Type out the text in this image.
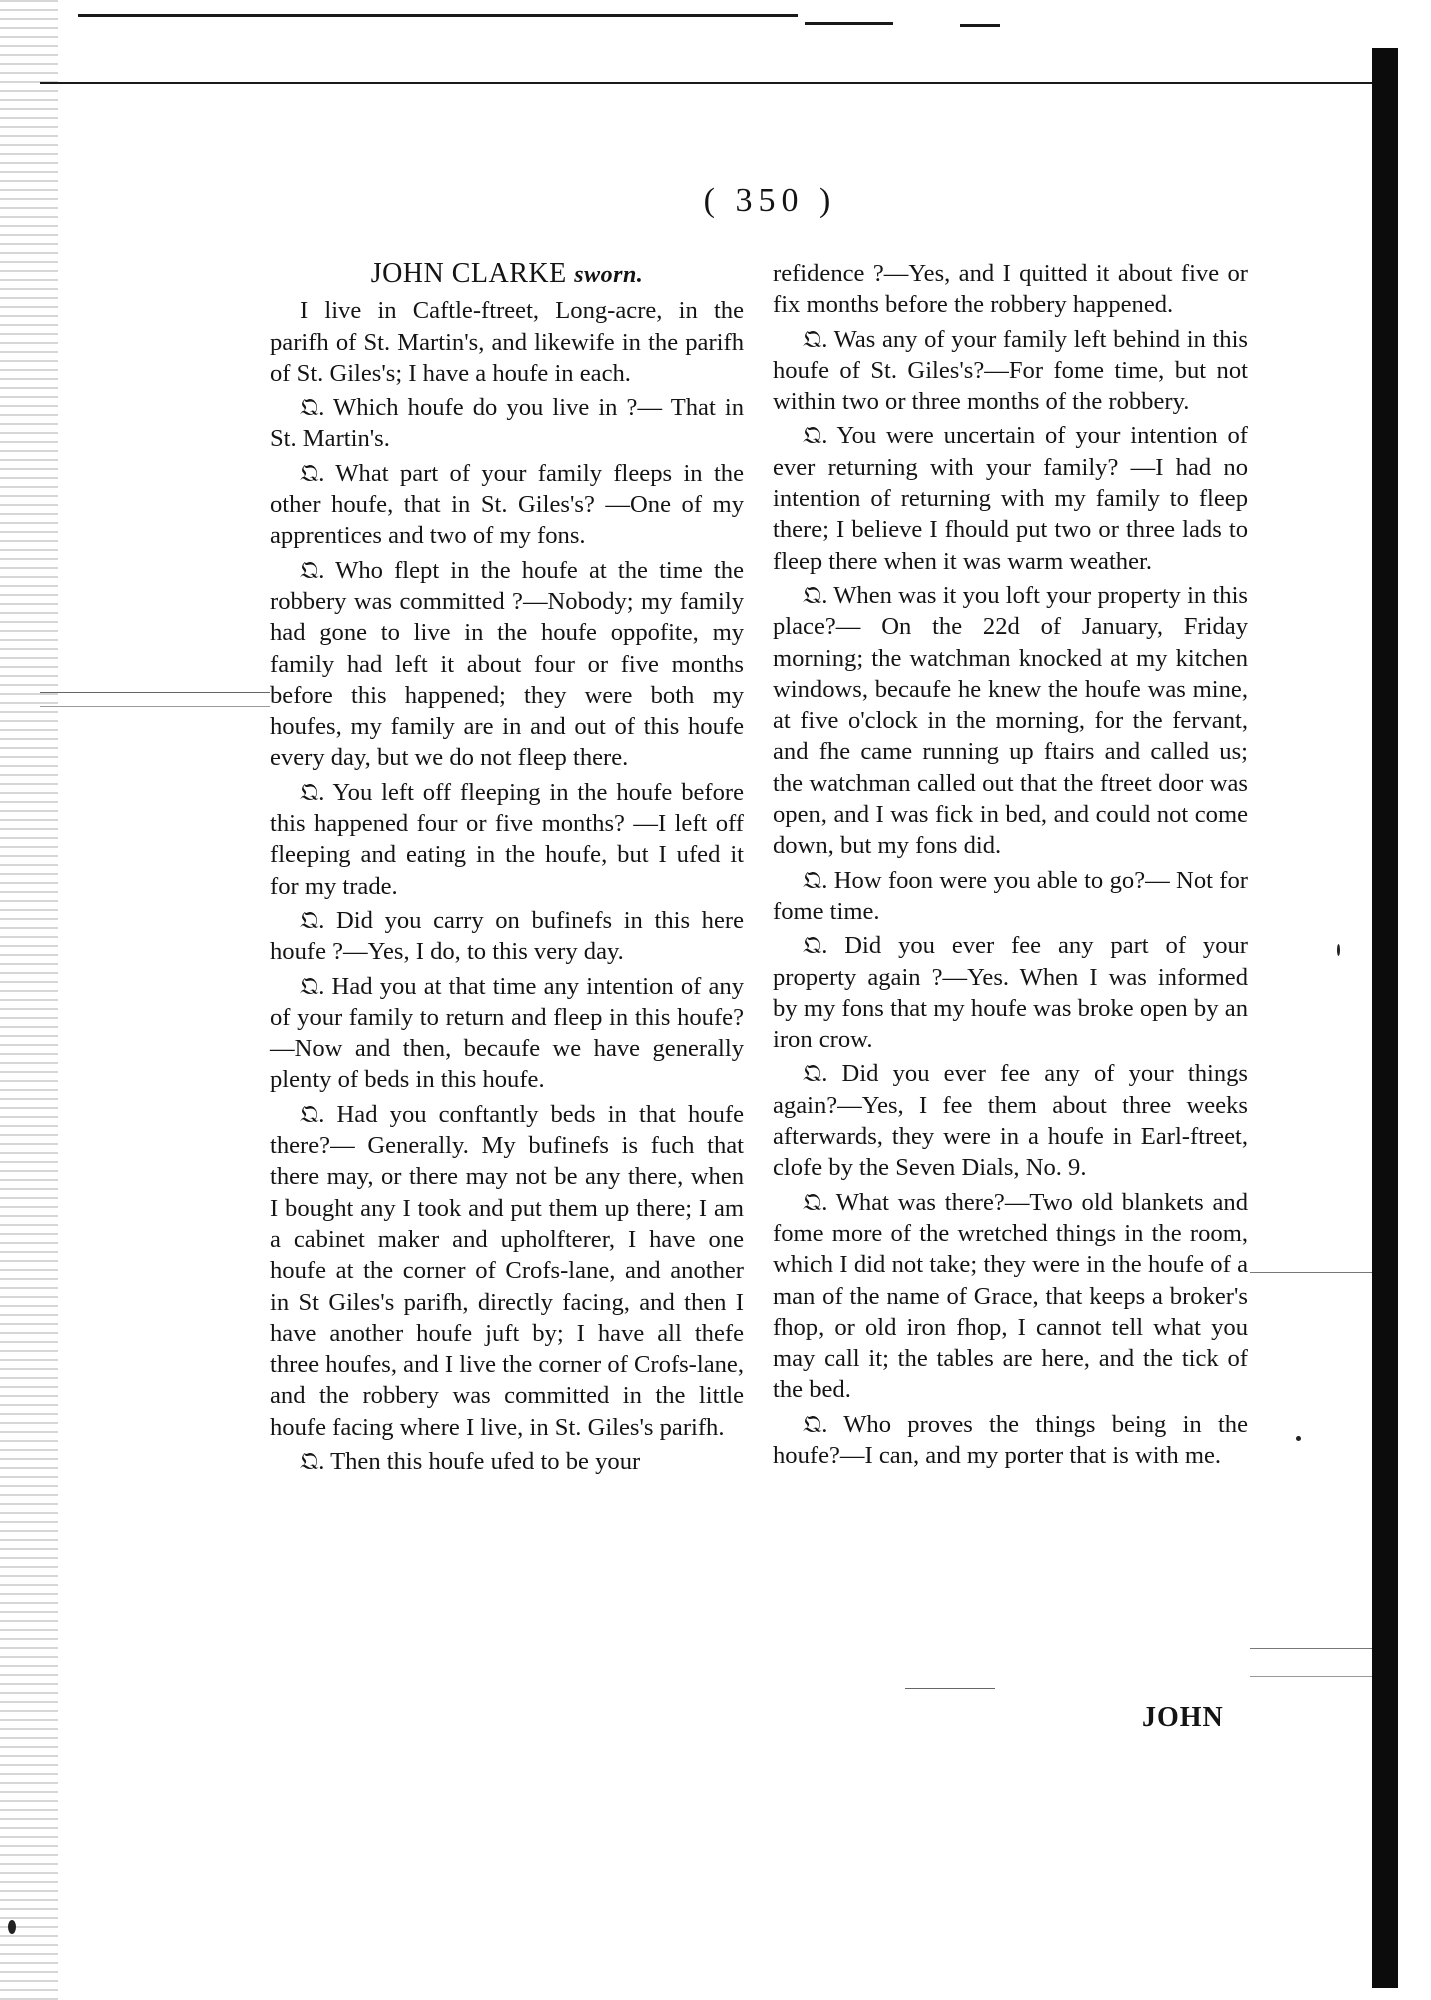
( 350 )
JOHN CLARKE sworn.

I live in Caftle-ftreet, Long-acre, in the parifh of St. Martin's, and likewife in the parifh of St. Giles's; I have a houfe in each.

𝔔. Which houfe do you live in ?— That in St. Martin's.

𝔔. What part of your family fleeps in the other houfe, that in St. Giles's? —One of my apprentices and two of my fons.

𝔔. Who flept in the houfe at the time the robbery was committed ?—Nobody; my family had gone to live in the houfe oppofite, my family had left it about four or five months before this happened; they were both my houfes, my family are in and out of this houfe every day, but we do not fleep there.

𝔔. You left off fleeping in the houfe before this happened four or five months? —I left off fleeping and eating in the houfe, but I ufed it for my trade.

𝔔. Did you carry on bufinefs in this here houfe ?—Yes, I do, to this very day.

𝔔. Had you at that time any intention of any of your family to return and fleep in this houfe?—Now and then, becaufe we have generally plenty of beds in this houfe.

𝔔. Had you conftantly beds in that houfe there?— Generally. My bufinefs is fuch that there may, or there may not be any there, when I bought any I took and put them up there; I am a cabinet maker and upholfterer, I have one houfe at the corner of Crofs-lane, and another in St Giles's parifh, directly facing, and then I have another houfe juft by; I have all thefe three houfes, and I live the corner of Crofs-lane, and the robbery was committed in the little houfe facing where I live, in St. Giles's parifh.

𝔔. Then this houfe ufed to be your

refidence ?—Yes, and I quitted it about five or fix months before the robbery happened.

𝔔. Was any of your family left behind in this houfe of St. Giles's?—For fome time, but not within two or three months of the robbery.

𝔔. You were uncertain of your intention of ever returning with your family? —I had no intention of returning with my family to fleep there; I believe I fhould put two or three lads to fleep there when it was warm weather.

𝔔. When was it you loft your property in this place?— On the 22d of January, Friday morning; the watchman knocked at my kitchen windows, becaufe he knew the houfe was mine, at five o'clock in the morning, for the fervant, and fhe came running up ftairs and called us; the watchman called out that the ftreet door was open, and I was fick in bed, and could not come down, but my fons did.

𝔔. How foon were you able to go?— Not for fome time.

𝔔. Did you ever fee any part of your property again ?—Yes. When I was informed by my fons that my houfe was broke open by an iron crow.

𝔔. Did you ever fee any of your things again?—Yes, I fee them about three weeks afterwards, they were in a houfe in Earl-ftreet, clofe by the Seven Dials, No. 9.

𝔔. What was there?—Two old blankets and fome more of the wretched things in the room, which I did not take; they were in the houfe of a man of the name of Grace, that keeps a broker's fhop, or old iron fhop, I cannot tell what you may call it; the tables are here, and the tick of the bed.

𝔔. Who proves the things being in the houfe?—I can, and my porter that is with me.

JOHN
